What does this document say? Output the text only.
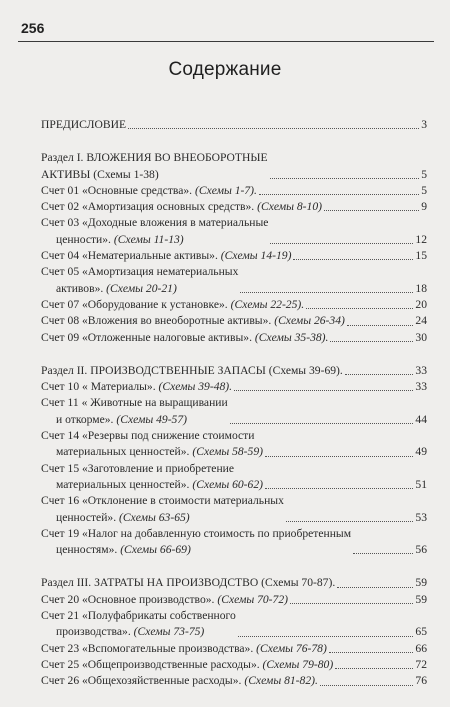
256
Содержание
ПРЕДИСЛОВИЕ	3
Раздел I. ВЛОЖЕНИЯ ВО ВНЕОБОРОТНЫЕ
АКТИВЫ (Схемы 1-38)	5
Счет 01 «Основные средства». (Схемы 1-7).	5
Счет 02 «Амортизация основных средств». (Схемы 8-10)	9
Счет 03 «Доходные вложения в материальные
ценности». (Схемы 11-13)	12
Счет 04 «Нематериальные активы». (Схемы 14-19)	15
Счет 05 «Амортизация нематериальных
активов». (Схемы 20-21)	18
Счет 07 «Оборудование к установке». (Схемы 22-25).	20
Счет 08 «Вложения во внеоборотные активы». (Схемы 26-34)	24
Счет 09 «Отложенные налоговые активы». (Схемы 35-38).	30
Раздел II. ПРОИЗВОДСТВЕННЫЕ ЗАПАСЫ (Схемы 39-69).	33
Счет 10 « Материалы». (Схемы 39-48).	33
Счет 11 « Животные на выращивании
и откорме». (Схемы 49-57)	44
Счет 14 «Резервы под снижение стоимости
материальных ценностей». (Схемы 58-59)	49
Счет 15 «Заготовление и приобретение
материальных ценностей». (Схемы 60-62)	51
Счет 16 «Отклонение в стоимости материальных
ценностей». (Схемы 63-65)	53
Счет 19 «Налог на добавленную стоимость по приобретенным
ценностям». (Схемы 66-69)	56
Раздел III. ЗАТРАТЫ НА ПРОИЗВОДСТВО (Схемы 70-87).	59
Счет 20 «Основное производство». (Схемы 70-72)	59
Счет 21 «Полуфабрикаты собственного
производства». (Схемы 73-75)	65
Счет 23 «Вспомогательные производства». (Схемы 76-78)	66
Счет 25 «Общепроизводственные расходы». (Схемы 79-80)	72
Счет 26 «Общехозяйственные расходы». (Схемы 81-82).	76
